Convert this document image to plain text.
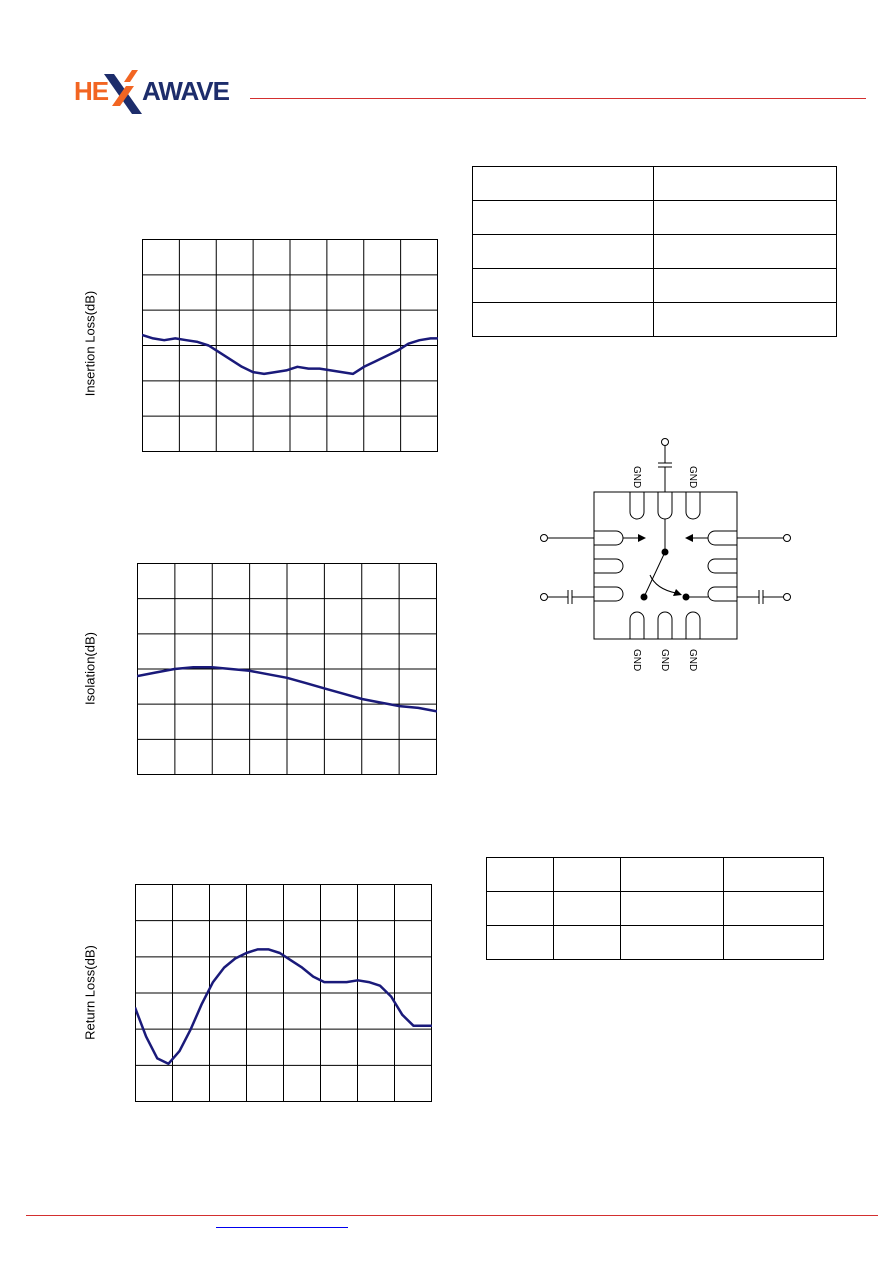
HE AWAVE
Insertion Loss(dB)
Isolation(dB)
Return Loss(dB)

GND	GND
GND GND GND
